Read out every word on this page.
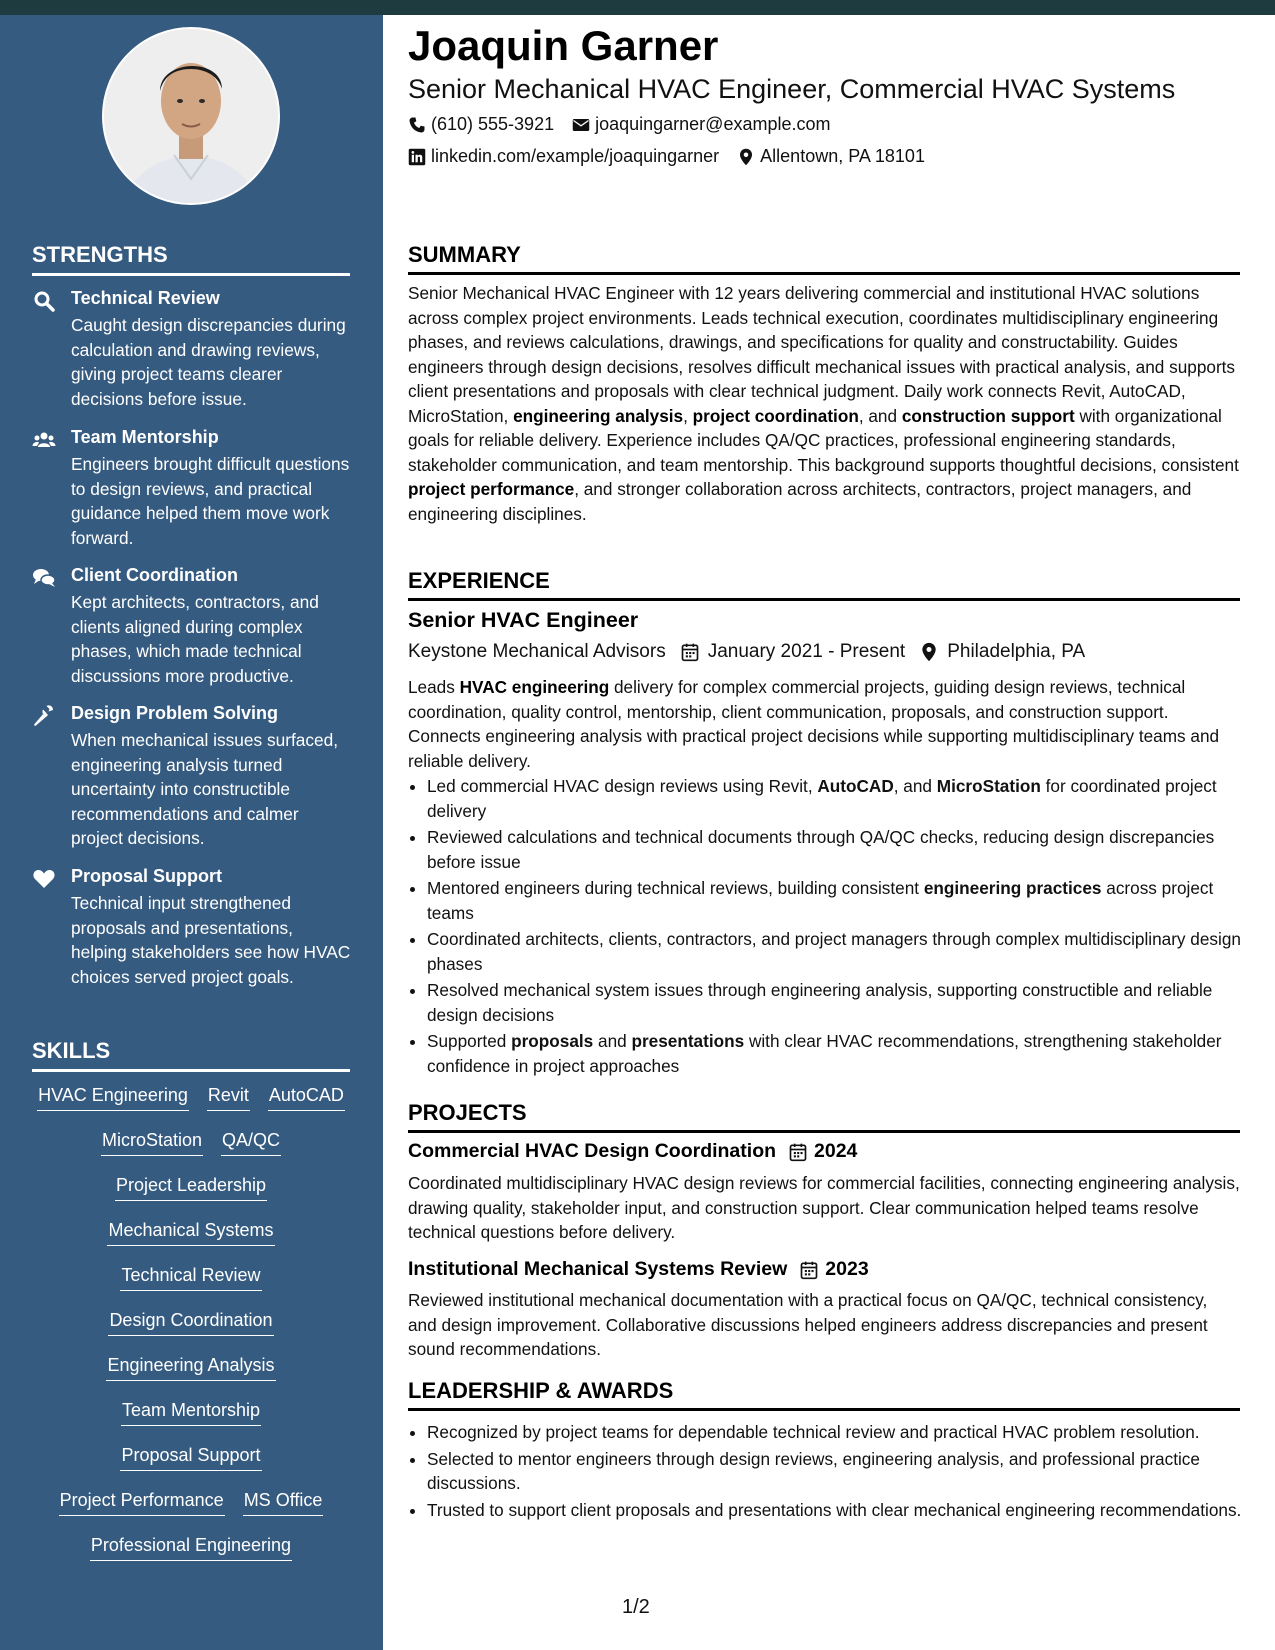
STRENGTHS
Technical Review
Caught design discrepancies during calculation and drawing reviews, giving project teams clearer decisions before issue.
Team Mentorship
Engineers brought difficult questions to design reviews, and practical guidance helped them move work forward.
Client Coordination
Kept architects, contractors, and clients aligned during complex phases, which made technical discussions more productive.
Design Problem Solving
When mechanical issues surfaced, engineering analysis turned uncertainty into constructible recommendations and calmer project decisions.
Proposal Support
Technical input strengthened proposals and presentations, helping stakeholders see how HVAC choices served project goals.
SKILLS
HVAC Engineering Revit AutoCAD
MicroStation QA/QC
Project Leadership
Mechanical Systems
Technical Review
Design Coordination
Engineering Analysis
Team Mentorship
Proposal Support
Project Performance MS Office
Professional Engineering
Joaquin Garner
Senior Mechanical HVAC Engineer, Commercial HVAC Systems
(610) 555-3921 joaquingarner@example.com
linkedin.com/example/joaquingarner Allentown, PA 18101
SUMMARY
Senior Mechanical HVAC Engineer with 12 years delivering commercial and institutional HVAC solutions across complex project environments. Leads technical execution, coordinates multidisciplinary engineering phases, and reviews calculations, drawings, and specifications for quality and constructability. Guides engineers through design decisions, resolves difficult mechanical issues with practical analysis, and supports client presentations and proposals with clear technical judgment. Daily work connects Revit, AutoCAD, MicroStation, engineering analysis, project coordination, and construction support with organizational goals for reliable delivery. Experience includes QA/QC practices, professional engineering standards, stakeholder communication, and team mentorship. This background supports thoughtful decisions, consistent project performance, and stronger collaboration across architects, contractors, project managers, and engineering disciplines.
EXPERIENCE
Senior HVAC Engineer
Keystone Mechanical Advisors January 2021 - Present Philadelphia, PA
Leads HVAC engineering delivery for complex commercial projects, guiding design reviews, technical coordination, quality control, mentorship, client communication, proposals, and construction support. Connects engineering analysis with practical project decisions while supporting multidisciplinary teams and reliable delivery.
• Led commercial HVAC design reviews using Revit, AutoCAD, and MicroStation for coordinated project delivery
• Reviewed calculations and technical documents through QA/QC checks, reducing design discrepancies before issue
• Mentored engineers during technical reviews, building consistent engineering practices across project teams
• Coordinated architects, clients, contractors, and project managers through complex multidisciplinary design phases
• Resolved mechanical system issues through engineering analysis, supporting constructible and reliable design decisions
• Supported proposals and presentations with clear HVAC recommendations, strengthening stakeholder confidence in project approaches
PROJECTS
Commercial HVAC Design Coordination 2024
Coordinated multidisciplinary HVAC design reviews for commercial facilities, connecting engineering analysis, drawing quality, stakeholder input, and construction support. Clear communication helped teams resolve technical questions before delivery.
Institutional Mechanical Systems Review 2023
Reviewed institutional mechanical documentation with a practical focus on QA/QC, technical consistency, and design improvement. Collaborative discussions helped engineers address discrepancies and present sound recommendations.
LEADERSHIP & AWARDS
• Recognized by project teams for dependable technical review and practical HVAC problem resolution.
• Selected to mentor engineers through design reviews, engineering analysis, and professional practice discussions.
• Trusted to support client proposals and presentations with clear mechanical engineering recommendations.
1/2
